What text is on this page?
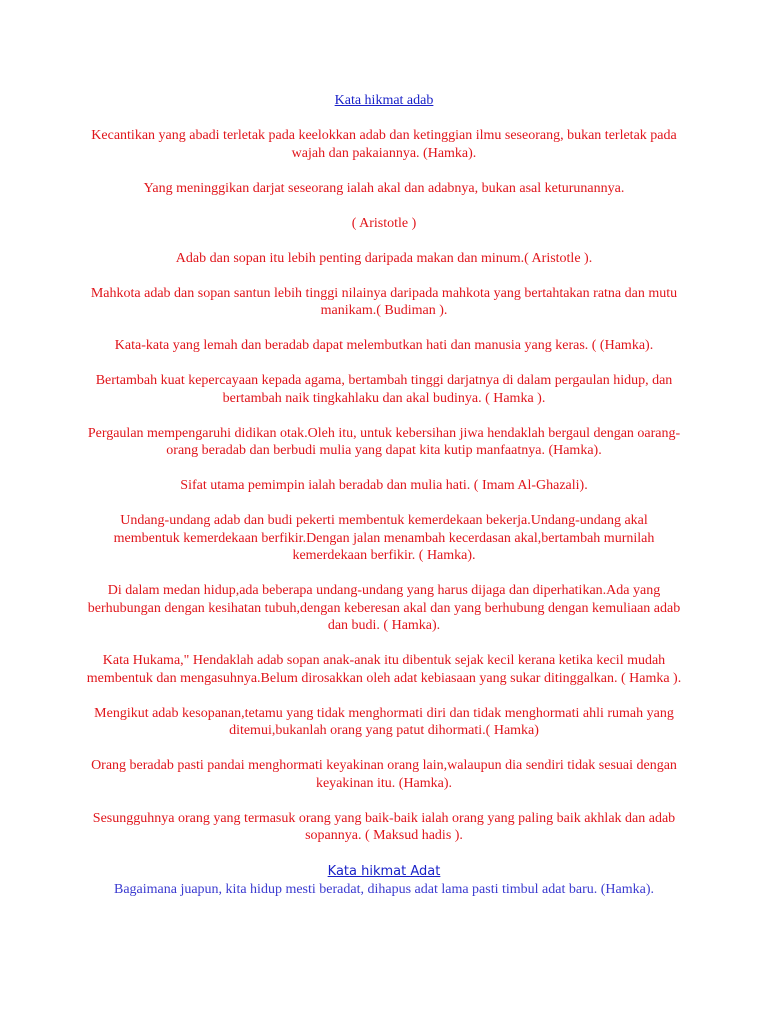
Kata hikmat adab

Kecantikan yang abadi terletak pada keelokkan adab dan ketinggian ilmu seseorang, bukan terletak pada wajah dan pakaiannya. (Hamka).

Yang meninggikan darjat seseorang ialah akal dan adabnya, bukan asal keturunannya.

( Aristotle )

Adab dan sopan itu lebih penting daripada makan dan minum.( Aristotle ).

Mahkota adab dan sopan santun lebih tinggi nilainya daripada mahkota yang bertahtakan ratna dan mutu manikam.( Budiman ).

Kata-kata yang lemah dan beradab dapat melembutkan hati dan manusia yang keras. ( (Hamka).

Bertambah kuat kepercayaan kepada agama, bertambah tinggi darjatnya di dalam pergaulan hidup, dan bertambah naik tingkahlaku dan akal budinya. ( Hamka ).

Pergaulan mempengaruhi didikan otak.Oleh itu, untuk kebersihan jiwa hendaklah bergaul dengan oarang-orang beradab dan berbudi mulia yang dapat kita kutip manfaatnya. (Hamka).

Sifat utama pemimpin ialah beradab dan mulia hati. ( Imam Al-Ghazali).

Undang-undang adab dan budi pekerti membentuk kemerdekaan bekerja.Undang-undang akal membentuk kemerdekaan berfikir.Dengan jalan menambah kecerdasan akal,bertambah murnilah kemerdekaan berfikir. ( Hamka).

Di dalam medan hidup,ada beberapa undang-undang yang harus dijaga dan diperhatikan.Ada yang berhubungan dengan kesihatan tubuh,dengan keberesan akal dan yang berhubung dengan kemuliaan adab dan budi. ( Hamka).

Kata Hukama," Hendaklah adab sopan anak-anak itu dibentuk sejak kecil kerana ketika kecil mudah membentuk dan mengasuhnya.Belum dirosakkan oleh adat kebiasaan yang sukar ditinggalkan. ( Hamka ).

Mengikut adab kesopanan,tetamu yang tidak menghormati diri dan tidak menghormati ahli rumah yang ditemui,bukanlah orang yang patut dihormati.( Hamka)

Orang beradab pasti pandai menghormati keyakinan orang lain,walaupun dia sendiri tidak sesuai dengan keyakinan itu. (Hamka).

Sesungguhnya orang yang termasuk orang yang baik-baik ialah orang yang paling baik akhlak dan adab sopannya. ( Maksud hadis ).

Kata hikmat Adat

Bagaimana juapun, kita hidup mesti beradat, dihapus adat lama pasti timbul adat baru. (Hamka).
